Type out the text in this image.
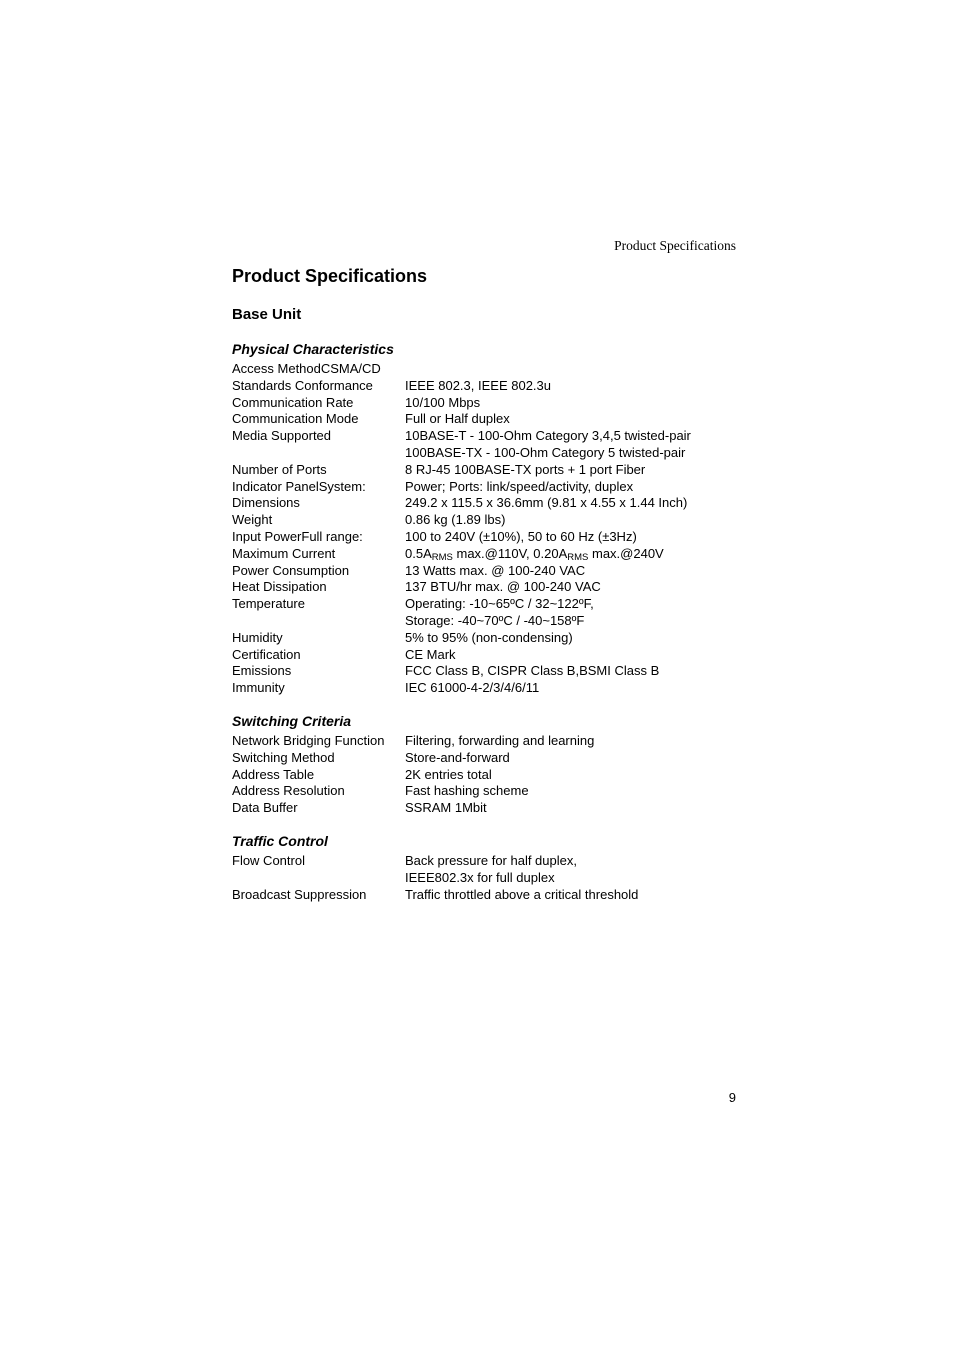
Product Specifications
Product Specifications
Base Unit
Physical Characteristics
Access MethodCSMA/CD
Standards Conformance	IEEE 802.3, IEEE 802.3u
Communication Rate	10/100 Mbps
Communication Mode	Full or Half duplex
Media Supported	10BASE-T - 100-Ohm Category 3,4,5 twisted-pair
100BASE-TX - 100-Ohm Category 5 twisted-pair
Number of Ports	8 RJ-45 100BASE-TX ports + 1 port Fiber
Indicator PanelSystem:	Power; Ports: link/speed/activity, duplex
Dimensions	249.2 x 115.5 x 36.6mm (9.81 x 4.55 x 1.44 Inch)
Weight	0.86 kg (1.89 lbs)
Input PowerFull range:	100 to 240V (±10%), 50 to 60 Hz (±3Hz)
Maximum Current	$0.5A_{RMS}$ max.@110V, $0.20A_{RMS}$ max.@240V
Power Consumption	13 Watts max. @ 100-240 VAC
Heat Dissipation	137 BTU/hr max. @ 100-240 VAC
Temperature	Operating: -10~65ºC / 32~122ºF,
Storage: -40~70ºC / -40~158ºF
Humidity	5% to 95% (non-condensing)
Certification	CE Mark
Emissions	FCC Class B, CISPR Class B,BSMI Class B
Immunity	IEC 61000-4-2/3/4/6/11
Switching Criteria
Network Bridging Function	Filtering, forwarding and learning
Switching Method	Store-and-forward
Address Table	2K entries total
Address Resolution	Fast hashing scheme
Data Buffer	SSRAM 1Mbit
Traffic Control
Flow Control	Back pressure for half duplex,
IEEE802.3x for full duplex
Broadcast Suppression	Traffic throttled above a critical threshold
9
